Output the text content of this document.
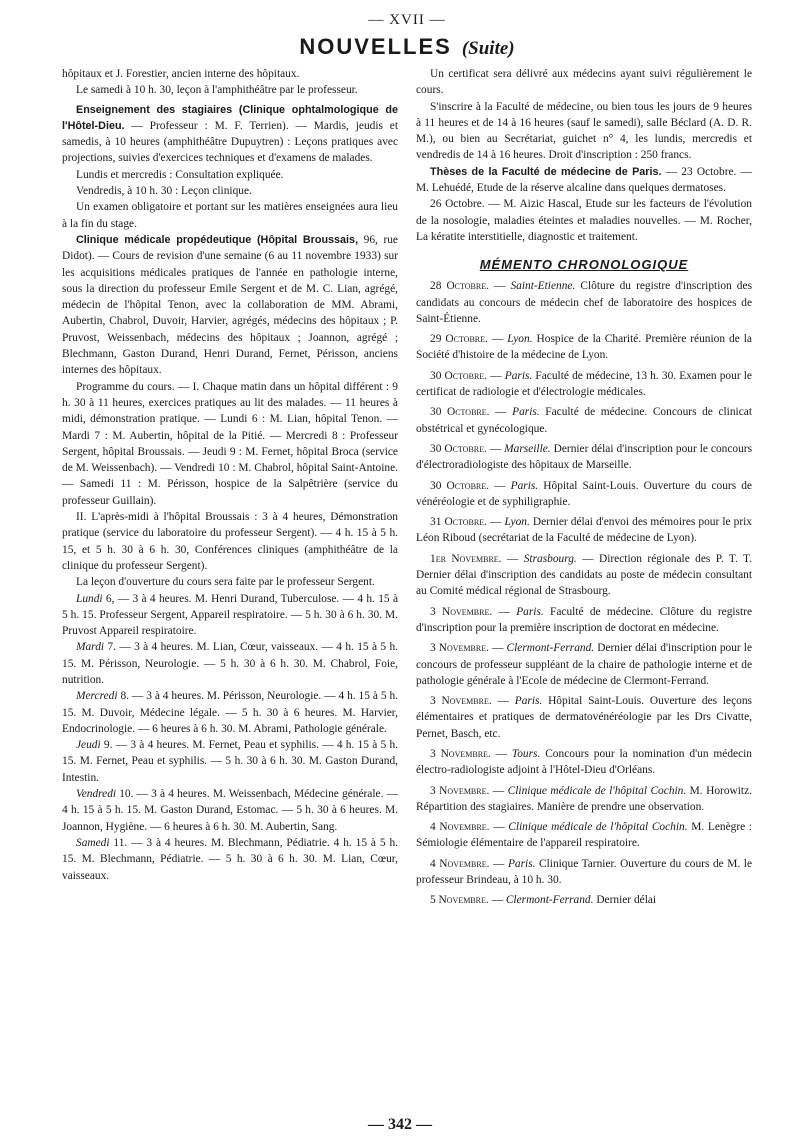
— XVII —
NOUVELLES (Suite)

hôpitaux et J. Forestier, ancien interne des hôpitaux.

Le samedi à 10 h. 30, leçon à l'amphithéâtre par le professeur.

Enseignement des stagiaires (Clinique ophtalmologique de l'Hôtel-Dieu. — Professeur : M. F. Terrien). — Mardis, jeudis et samedis, à 10 heures (amphithéâtre Dupuytren) : Leçons pratiques avec projections, suivies d'exercices techniques et d'examens de malades.

Lundis et mercredis : Consultation expliquée.

Vendredis, à 10 h. 30 : Leçon clinique.

Un examen obligatoire et portant sur les matières enseignées aura lieu à la fin du stage.

Clinique médicale propédeutique (Hôpital Broussais, 96, rue Didot). — Cours de revision d'une semaine (6 au 11 novembre 1933) sur les acquisitions médicales pratiques de l'année en pathologie interne, sous la direction du professeur Emile Sergent et de M. C. Lian, agrégé, médecin de l'hôpital Tenon, avec la collaboration de MM. Abrami, Aubertin, Chabrol, Duvoir, Harvier, agrégés, médecins des hôpitaux ; P. Pruvost, Weissenbach, médecins des hôpitaux ; Joannon, agrégé ; Blechmann, Gaston Durand, Henri Durand, Fernet, Périsson, anciens internes des hôpitaux.

Programme du cours. — I. Chaque matin dans un hôpital différent : 9 h. 30 à 11 heures, exercices pratiques au lit des malades. — 11 heures à midi, démonstration pratique. — Lundi 6 : M. Lian, hôpital Tenon. — Mardi 7 : M. Aubertin, hôpital de la Pitié. — Mercredi 8 : Professeur Sergent, hôpital Broussais. — Jeudi 9 : M. Fernet, hôpital Broca (service de M. Weissenbach). — Vendredi 10 : M. Chabrol, hôpital Saint-Antoine. — Samedi 11 : M. Périsson, hospice de la Salpêtrière (service du professeur Guillain).

II. L'après-midi à l'hôpital Broussais : 3 à 4 heures, Démonstration pratique (service du laboratoire du professeur Sergent). — 4 h. 15 à 5 h. 15, et 5 h. 30 à 6 h. 30, Conférences cliniques (amphithéâtre de la clinique du professeur Sergent).

La leçon d'ouverture du cours sera faite par le professeur Sergent.

Lundi 6, — 3 à 4 heures. M. Henri Durand, Tuberculose. — 4 h. 15 à 5 h. 15. Professeur Sergent, Appareil respiratoire. — 5 h. 30 à 6 h. 30. M. Pruvost Appareil respiratoire.

Mardi 7. — 3 à 4 heures. M. Lian, Cœur, vaisseaux. — 4 h. 15 à 5 h. 15. M. Périsson, Neurologie. — 5 h. 30 à 6 h. 30. M. Chabrol, Foie, nutrition.

Mercredi 8. — 3 à 4 heures. M. Périsson, Neurologie. — 4 h. 15 à 5 h. 15. M. Duvoir, Médecine légale. — 5 h. 30 à 6 heures. M. Harvier, Endocrinologie. — 6 heures à 6 h. 30. M. Abrami, Pathologie générale.

Jeudi 9. — 3 à 4 heures. M. Fernet, Peau et syphilis. — 4 h. 15 à 5 h. 15. M. Fernet, Peau et syphilis. — 5 h. 30 à 6 h. 30. M. Gaston Durand, Intestin.

Vendredi 10. — 3 à 4 heures. M. Weissenbach, Médecine générale. — 4 h. 15 à 5 h. 15. M. Gaston Durand, Estomac. — 5 h. 30 à 6 heures. M. Joannon, Hygiène. — 6 heures à 6 h. 30. M. Aubertin, Sang.

Samedi 11. — 3 à 4 heures. M. Blechmann, Pédiatrie. 4 h. 15 à 5 h. 15. M. Blechmann, Pédiatrie. — 5 h. 30 à 6 h. 30. M. Lian, Cœur, vaisseaux.

Un certificat sera délivré aux médecins ayant suivi régulièrement le cours.

S'inscrire à la Faculté de médecine, ou bien tous les jours de 9 heures à 11 heures et de 14 à 16 heures (sauf le samedi), salle Béclard (A. D. R. M.), ou bien au Secrétariat, guichet n° 4, les lundis, mercredis et vendredis de 14 à 16 heures. Droit d'inscription : 250 francs.

Thèses de la Faculté de médecine de Paris. — 23 Octobre. — M. Lehuédé, Etude de la réserve alcaline dans quelques dermatoses.

26 Octobre. — M. Aizic Hascal, Etude sur les facteurs de l'évolution de la nosologie, maladies éteintes et maladies nouvelles. — M. Rocher, La kératite interstitielle, diagnostic et traitement.

MÉMENTO CHRONOLOGIQUE

28 Octobre. — Saint-Etienne. Clôture du registre d'inscription des candidats au concours de médecin chef de laboratoire des hospices de Saint-Étienne.

29 Octobre. — Lyon. Hospice de la Charité. Première réunion de la Société d'histoire de la médecine de Lyon.

30 Octobre. — Paris. Faculté de médecine, 13 h. 30. Examen pour le certificat de radiologie et d'électrologie médicales.

30 Octobre. — Paris. Faculté de médecine. Concours de clinicat obstétrical et gynécologique.

30 Octobre. — Marseille. Dernier délai d'inscription pour le concours d'électroradiologiste des hôpitaux de Marseille.

30 Octobre. — Paris. Hôpital Saint-Louis. Ouverture du cours de vénéréologie et de syphiligraphie.

31 Octobre. — Lyon. Dernier délai d'envoi des mémoires pour le prix Léon Riboud (secrétariat de la Faculté de médecine de Lyon).

1er Novembre. — Strasbourg. — Direction régionale des P. T. T. Dernier délai d'inscription des candidats au poste de médecin consultant au Comité médical régional de Strasbourg.

3 Novembre. — Paris. Faculté de médecine. Clôture du registre d'inscription pour la première inscription de doctorat en médecine.

3 Novembre. — Clermont-Ferrand. Dernier délai d'inscription pour le concours de professeur suppléant de la chaire de pathologie interne et de pathologie générale à l'Ecole de médecine de Clermont-Ferrand.

3 Novembre. — Paris. Hôpital Saint-Louis. Ouverture des leçons élémentaires et pratiques de dermatovénéréologie par les Drs Civatte, Pernet, Basch, etc.

3 Novembre. — Tours. Concours pour la nomination d'un médecin électro-radiologiste adjoint à l'Hôtel-Dieu d'Orléans.

3 Novembre. — Clinique médicale de l'hôpital Cochin. M. Horowitz. Répartition des stagiaires. Manière de prendre une observation.

4 Novembre. — Clinique médicale de l'hôpital Cochin. M. Lenègre : Sémiologie élémentaire de l'appareil respiratoire.

4 Novembre. — Paris. Clinique Tarnier. Ouverture du cours de M. le professeur Brindeau, à 10 h. 30.

5 Novembre. — Clermont-Ferrand. Dernier délai

— 342 —
